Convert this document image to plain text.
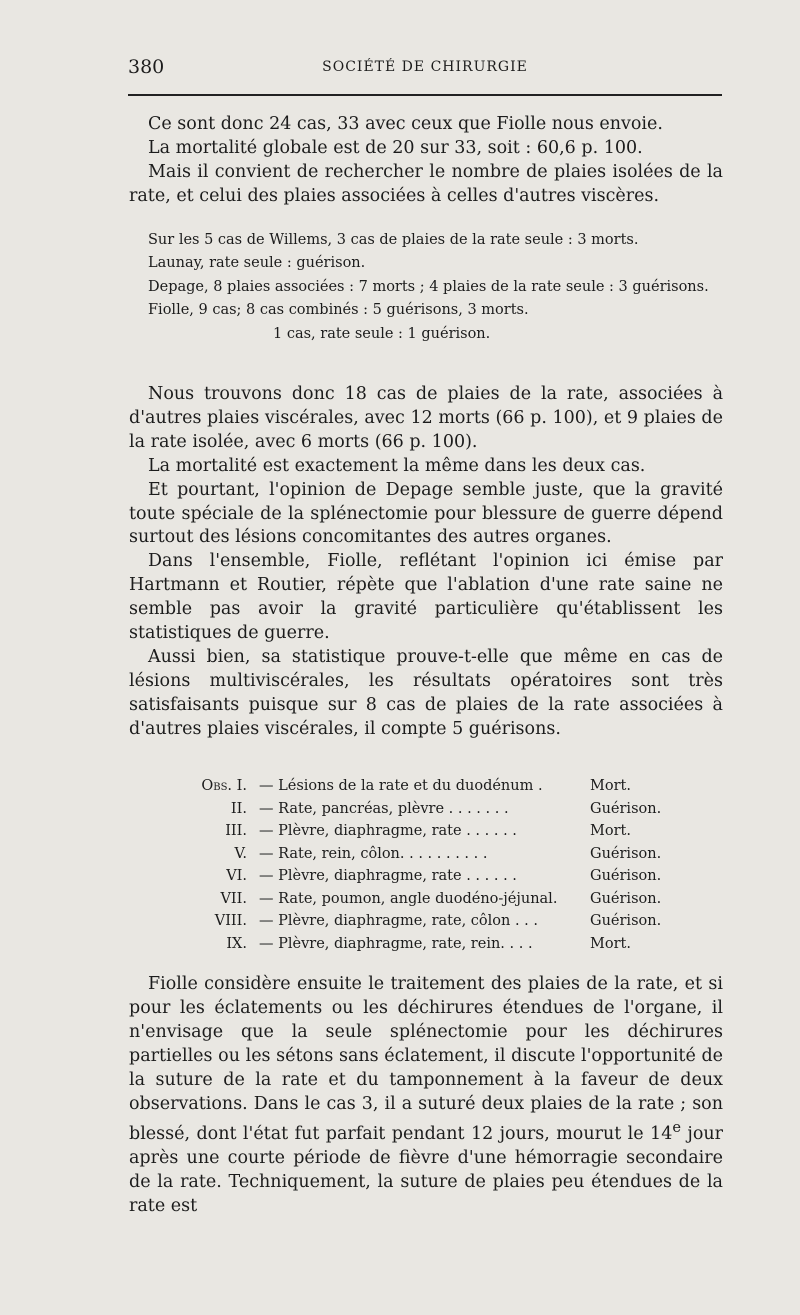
380	SOCIÉTÉ DE CHIRURGIE

Ce sont donc 24 cas, 33 avec ceux que Fiolle nous envoie.

La mortalité globale est de 20 sur 33, soit : 60,6 p. 100.

Mais il convient de rechercher le nombre de plaies isolées de la rate, et celui des plaies associées à celles d'autres viscères.

Sur les 5 cas de Willems, 3 cas de plaies de la rate seule : 3 morts.

Launay, rate seule : guérison.

Depage, 8 plaies associées : 7 morts ; 4 plaies de la rate seule : 3 guérisons.

Fiolle, 9 cas; 8 cas combinés : 5 guérisons, 3 morts.

1 cas, rate seule : 1 guérison.

Nous trouvons donc 18 cas de plaies de la rate, associées à d'autres plaies viscérales, avec 12 morts (66 p. 100), et 9 plaies de la rate isolée, avec 6 morts (66 p. 100).

La mortalité est exactement la même dans les deux cas.

Et pourtant, l'opinion de Depage semble juste, que la gravité toute spéciale de la splénectomie pour blessure de guerre dépend surtout des lésions concomitantes des autres organes.

Dans l'ensemble, Fiolle, reflétant l'opinion ici émise par Hartmann et Routier, répète que l'ablation d'une rate saine ne semble pas avoir la gravité particulière qu'établissent les statistiques de guerre.

Aussi bien, sa statistique prouve-t-elle que même en cas de lésions multiviscérales, les résultats opératoires sont très satisfaisants puisque sur 8 cas de plaies de la rate associées à d'autres plaies viscérales, il compte 5 guérisons.

Obs. I. — Lésions de la rate et du duodénum .	Mort.
II. — Rate, pancréas, plèvre . . . . . . .	Guérison.
III. — Plèvre, diaphragme, rate . . . . . .	Mort.
V. — Rate, rein, côlon. . . . . . . . . .	Guérison.
VI. — Plèvre, diaphragme, rate . . . . . .	Guérison.
VII. — Rate, poumon, angle duodéno-jéjunal.	Guérison.
VIII. — Plèvre, diaphragme, rate, côlon . . .	Guérison.
IX. — Plèvre, diaphragme, rate, rein. . . .	Mort.

Fiolle considère ensuite le traitement des plaies de la rate, et si pour les éclatements ou les déchirures étendues de l'organe, il n'envisage que la seule splénectomie pour les déchirures partielles ou les sétons sans éclatement, il discute l'opportunité de la suture de la rate et du tamponnement à la faveur de deux observations. Dans le cas 3, il a suturé deux plaies de la rate ; son blessé, dont l'état fut parfait pendant 12 jours, mourut le 14e jour après une courte période de fièvre d'une hémorragie secondaire de la rate. Techniquement, la suture de plaies peu étendues de la rate est
